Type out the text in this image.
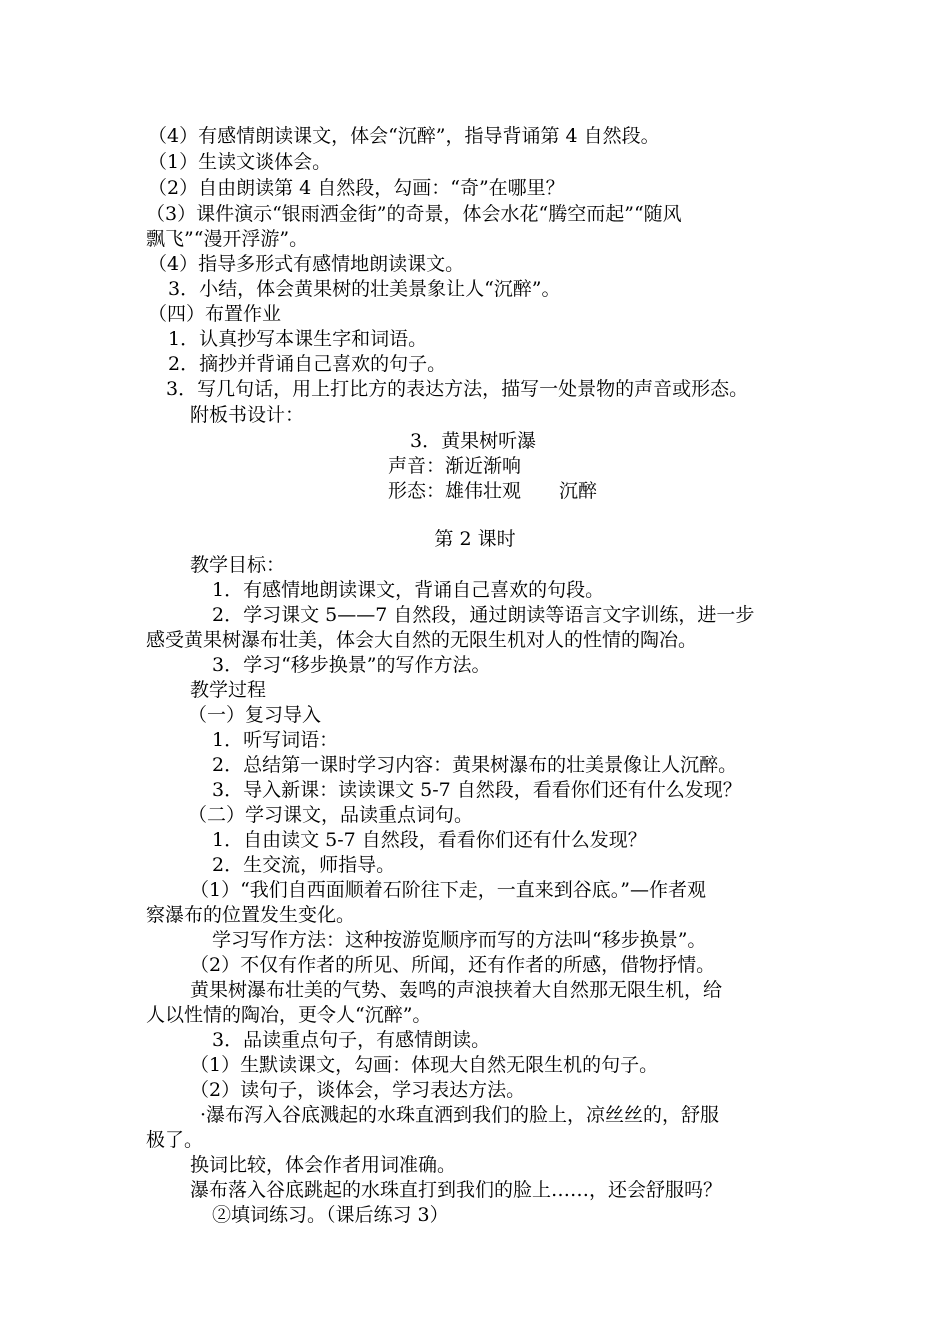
（4）有感情朗读课文，体会“沉醉”，指导背诵第 4 自然段。
（1）生读文谈体会。
（2）自由朗读第 4 自然段，勾画：“奇”在哪里？
（3）课件演示“银雨洒金街”的奇景，体会水花“腾空而起”“随风
飘飞”“漫开浮游”。
（4）指导多形式有感情地朗读课文。
3．小结，体会黄果树的壮美景象让人“沉醉”。
（四）布置作业
1．认真抄写本课生字和词语。
2．摘抄并背诵自己喜欢的句子。
3．写几句话，用上打比方的表达方法，描写一处景物的声音或形态。
附板书设计：
3．黄果树听瀑
声音：渐近渐响
形态：雄伟壮观　　沉醉
第 2 课时
教学目标：
1．有感情地朗读课文，背诵自己喜欢的句段。
2．学习课文 5——7 自然段，通过朗读等语言文字训练，进一步
感受黄果树瀑布壮美，体会大自然的无限生机对人的性情的陶冶。
3．学习“移步换景”的写作方法。
教学过程
（一）复习导入
1．听写词语：
2．总结第一课时学习内容：黄果树瀑布的壮美景像让人沉醉。
3．导入新课：读读课文 5-7 自然段，看看你们还有什么发现？
（二）学习课文，品读重点词句。
1．自由读文 5-7 自然段，看看你们还有什么发现？
2．生交流，师指导。
（1）“我们自西面顺着石阶往下走，一直来到谷底。”—作者观
察瀑布的位置发生变化。
学习写作方法：这种按游览顺序而写的方法叫“移步换景”。
（2）不仅有作者的所见、所闻，还有作者的所感，借物抒情。
黄果树瀑布壮美的气势、轰鸣的声浪挟着大自然那无限生机，给
人以性情的陶冶，更令人“沉醉”。
3．品读重点句子，有感情朗读。
（1）生默读课文，勾画：体现大自然无限生机的句子。
（2）读句子，谈体会，学习表达方法。
·瀑布泻入谷底溅起的水珠直洒到我们的脸上，凉丝丝的，舒服
极了。
换词比较，体会作者用词准确。
瀑布落入谷底跳起的水珠直打到我们的脸上……，还会舒服吗？
②填词练习。（课后练习 3）
